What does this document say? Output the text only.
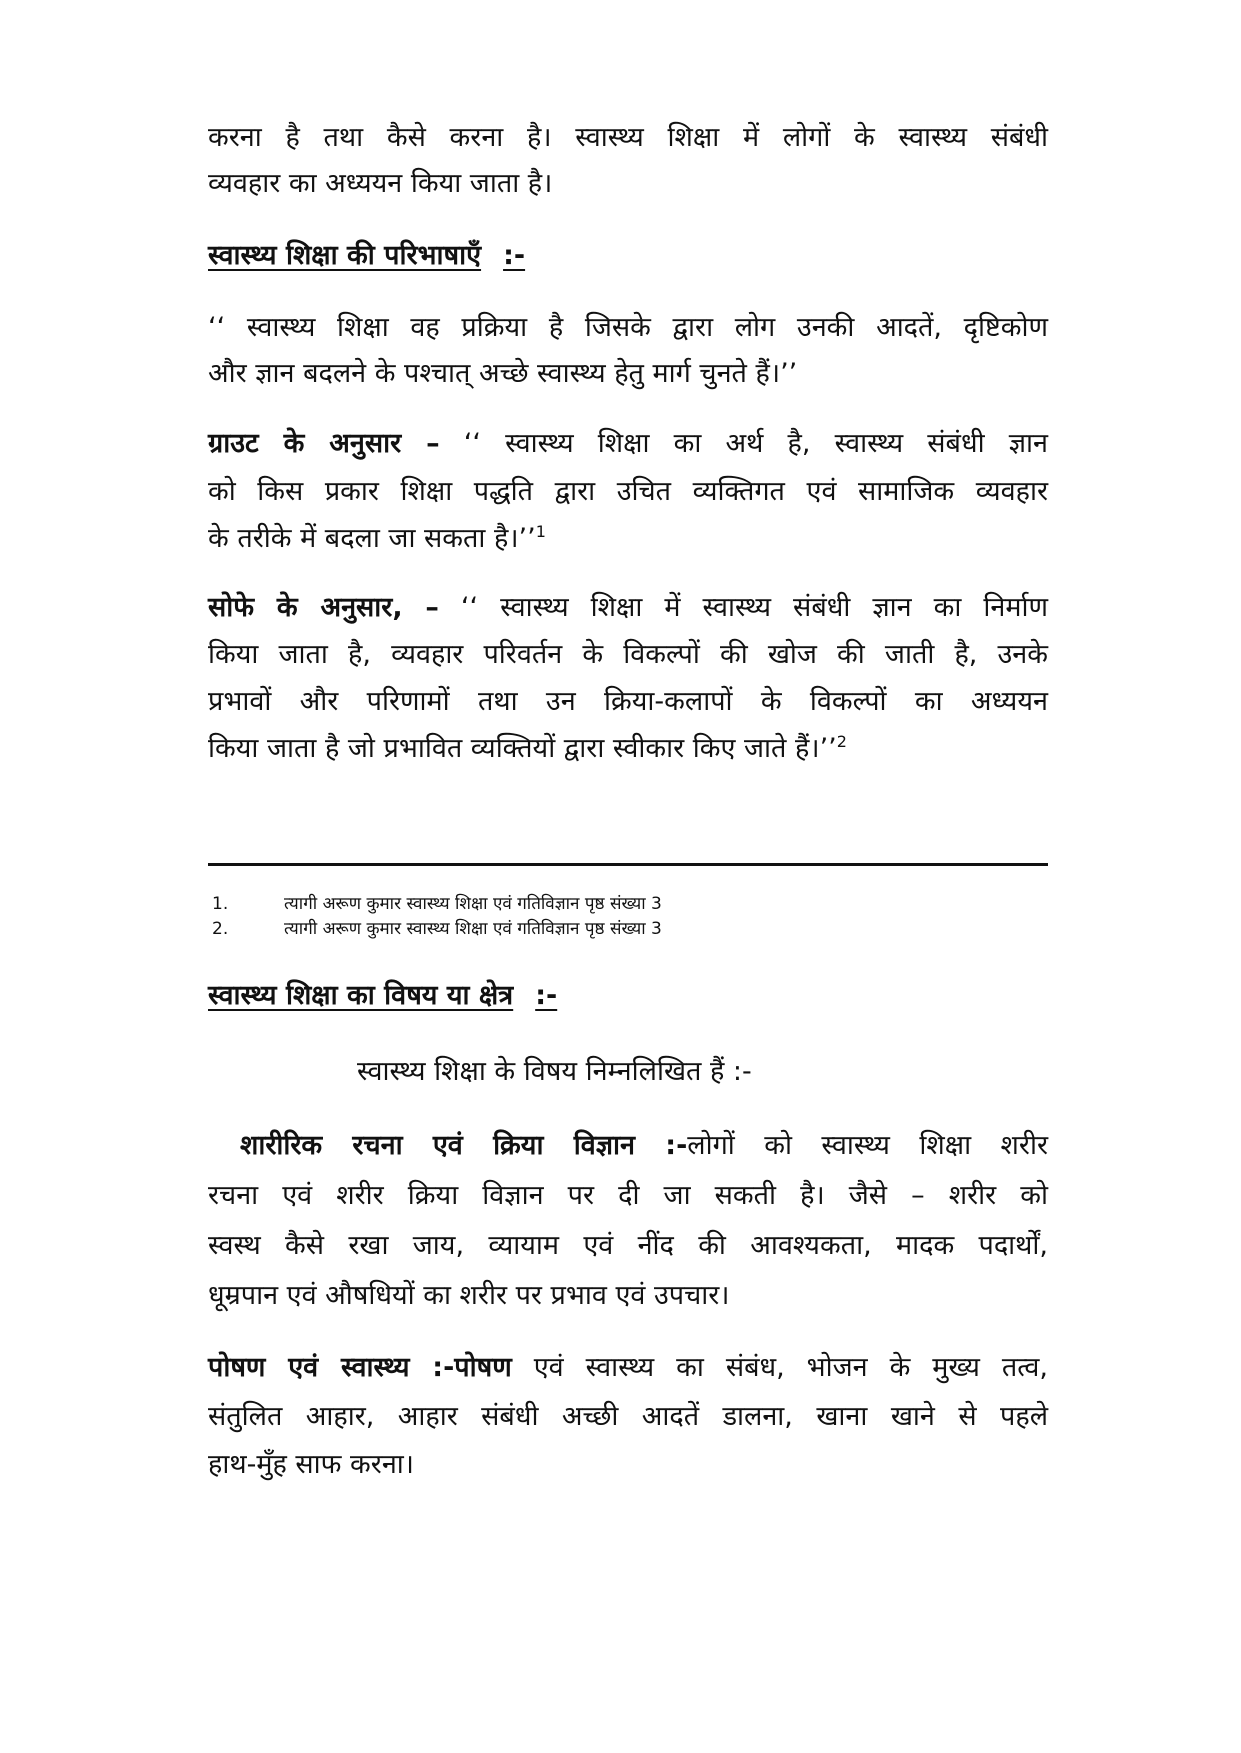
करना है तथा कैसे करना है। स्वास्थ्य शिक्षा में लोगों के स्वास्थ्य संबंधी
व्यवहार का अध्ययन किया जाता है।
स्वास्थ्य शिक्षा की परिभाषाएँ :-
‘‘ स्वास्थ्य शिक्षा वह प्रक्रिया है जिसके द्वारा लोग उनकी आदतें, दृष्टिकोण
और ज्ञान बदलने के पश्चात् अच्छे स्वास्थ्य हेतु मार्ग चुनते हैं।’’
ग्राउट के अनुसार – ‘‘ स्वास्थ्य शिक्षा का अर्थ है, स्वास्थ्य संबंधी ज्ञान
को किस प्रकार शिक्षा पद्धति द्वारा उचित व्यक्तिगत एवं सामाजिक व्यवहार
के तरीके में बदला जा सकता है।’’$^1$
सोफे के अनुसार, – ‘‘ स्वास्थ्य शिक्षा में स्वास्थ्य संबंधी ज्ञान का निर्माण
किया जाता है, व्यवहार परिवर्तन के विकल्पों की खोज की जाती है, उनके
प्रभावों और परिणामों तथा उन क्रिया-कलापों के विकल्पों का अध्ययन
किया जाता है जो प्रभावित व्यक्तियों द्वारा स्वीकार किए जाते हैं।’’$^2$
1.	त्यागी अरूण कुमार स्वास्थ्य शिक्षा एवं गतिविज्ञान पृष्ठ संख्या 3
2.	त्यागी अरूण कुमार स्वास्थ्य शिक्षा एवं गतिविज्ञान पृष्ठ संख्या 3
स्वास्थ्य शिक्षा का विषय या क्षेत्र :-
स्वास्थ्य शिक्षा के विषय निम्नलिखित हैं :-
शारीरिक रचना एवं क्रिया विज्ञान :-लोगों को स्वास्थ्य शिक्षा शरीर
रचना एवं शरीर क्रिया विज्ञान पर दी जा सकती है। जैसे – शरीर को
स्वस्थ कैसे रखा जाय, व्यायाम एवं नींद की आवश्यकता, मादक पदार्थों,
धूम्रपान एवं औषधियों का शरीर पर प्रभाव एवं उपचार।
पोषण एवं स्वास्थ्य :-पोषण एवं स्वास्थ्य का संबंध, भोजन के मुख्य तत्व,
संतुलित आहार, आहार संबंधी अच्छी आदतें डालना, खाना खाने से पहले
हाथ-मुँह साफ करना।
